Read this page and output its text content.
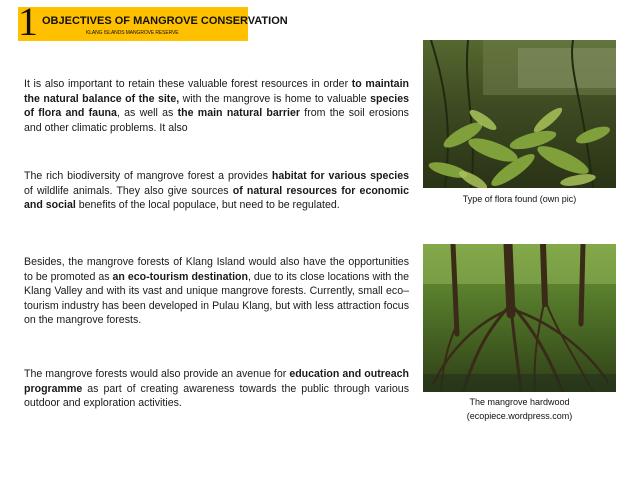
1 OBJECTIVES OF MANGROVE CONSERVATION
KLANG ISLANDS MANGROVE RESERVE

It is also important to retain these valuable forest resources in order to maintain the natural balance of the site, with the mangrove is home to valuable species of flora and fauna, as well as the main natural barrier from the soil erosions and other climatic problems. It also

The rich biodiversity of mangrove forest a provides habitat for various species of wildlife animals. They also give sources of natural resources for economic and social benefits of the local populace, but need to be regulated.

Besides, the mangrove forests of Klang Island would also have the opportunities to be promoted as an eco-tourism destination, due to its close locations with the Klang Valley and with its vast and unique mangrove forests. Currently, small eco–tourism industry has been developed in Pulau Klang, but with less attraction focus on the mangrove forests.

The mangrove forests would also provide an avenue for education and outreach programme as part of creating awareness towards the public through various outdoor and exploration activities.

Type of flora found (own pic)
The mangrove hardwood
(ecopiece.wordpress.com)
